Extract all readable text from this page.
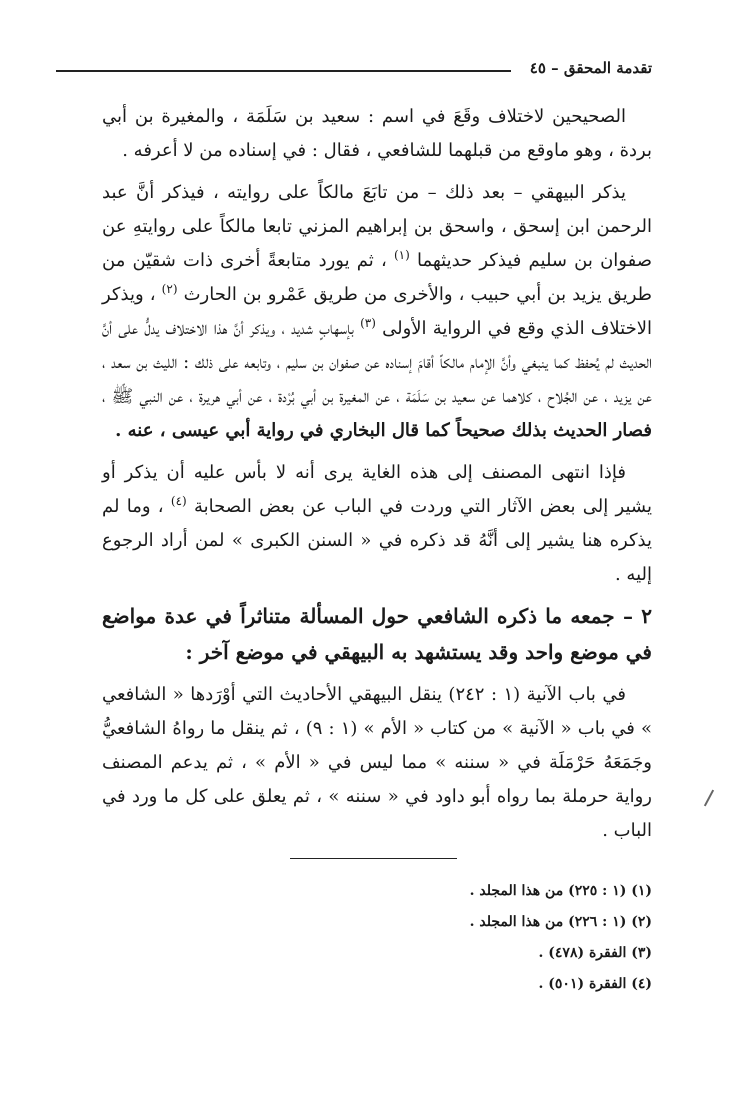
تقدمة المحقق – ٤٥

الصحيحين لاختلاف وقَعَ في اسم : سعيد بن سَلَمَة ، والمغيرة بن أبي بردة ، وهو ماوقع من قبلهما للشافعي ، فقال : في إسناده من لا أعرفه .

يذكر البيهقي – بعد ذلك – من تابَعَ مالكاً على روايته ، فيذكر أنَّ عبد الرحمن ابن إسحق ، واسحق بن إبراهيم المزني تابعا مالكاً على روايتهِ عن صفوان بن سليم فيذكر حديثهما $^{(١)}$ ، ثم يورد متابعةً أخرى ذات شقيّن من طريق يزيد بن أبي حبيب ، والأخرى من طريق عَمْرو بن الحارث $^{(٢)}$ ، ويذكر الاختلاف الذي وقع في الرواية الأولى $^{(٣)}$ بإسهابٍ شديد ، ويذكر أنَّ هذا الاختلاف يدلُّ على أنَّ الحديث لم يُحفظ كما ينبغي وأنَّ الإمام مالكاً أقامَ إسناده عن صفوان بن سليم ، وتابعه على ذلك : الليث بن سعد ، عن يزيد ، عن الجُلاح ، كلاهما عن سعيد بن سَلَمَة ، عن المغيرة بن أبي بُرْدة ، عن أبي هريرة ، عن النبي ﷺ ، فصار الحديث بذلك صحيحاً كما قال البخاري في رواية أبي عيسى ، عنه .

فإذا انتهى المصنف إلى هذه الغاية يرى أنه لا بأس عليه أن يذكر أو يشير إلى بعض الآثار التي وردت في الباب عن بعض الصحابة $^{(٤)}$ ، وما لم يذكره هنا يشير إلى أنَّهُ قد ذكره في « السنن الكبرى » لمن أراد الرجوع إليه .

٢ – جمعه ما ذكره الشافعي حول المسألة متناثراً في عدة مواضع في موضع واحد وقد يستشهد به البيهقي في موضع آخر :

في باب الآنية (١ : ٢٤٢) ينقل البيهقي الأحاديث التي أوْرَدها « الشافعي » في باب « الآنية » من كتاب « الأم » (١ : ٩) ، ثم ينقل ما رواهُ الشافعيُّ وجَمَعَهُ حَرْمَلَة في « سننه » مما ليس في « الأم » ، ثم يدعم المصنف رواية حرملة بما رواه أبو داود في « سننه » ، ثم يعلق على كل ما ورد في الباب .

(١) (١ : ٢٢٥) من هذا المجلد .
(٢) (١ : ٢٢٦) من هذا المجلد .
(٣) الفقرة (٤٧٨) .
(٤) الفقرة (٥٠١) .
